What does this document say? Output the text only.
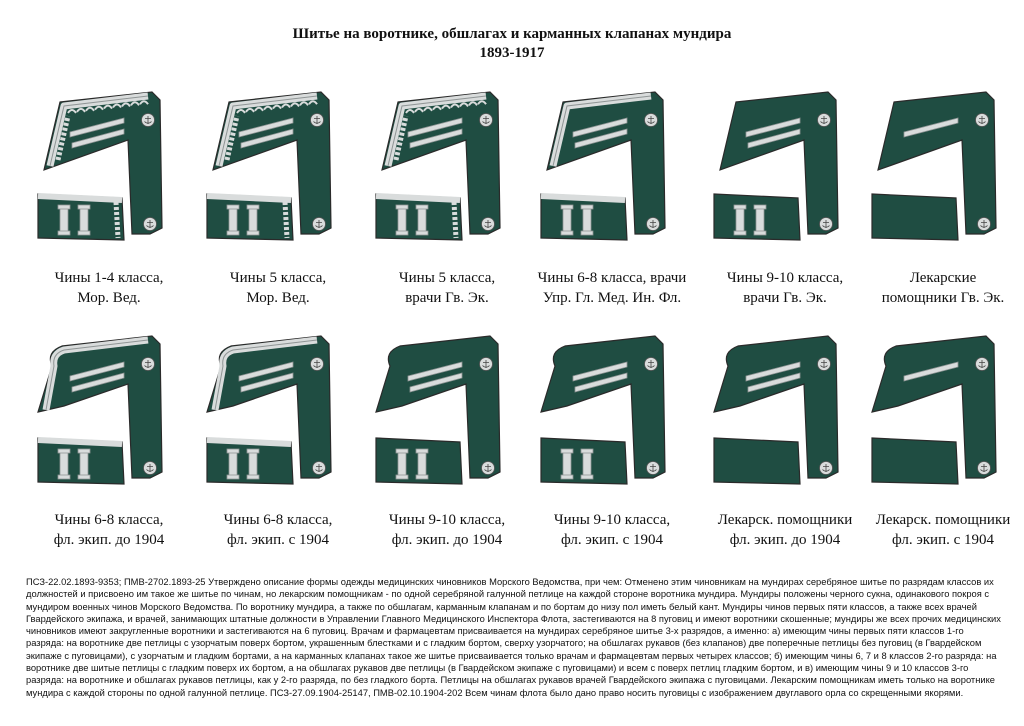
Шитье на воротнике, обшлагах и карманных клапанах мундира
1893-1917
Чины 1-4 класса,
Мор. Вед.
Чины 5 класса,
Мор. Вед.
Чины 5 класса,
врачи Гв. Эк.
Чины 6-8 класса, врачи
Упр. Гл. Мед. Ин. Фл.
Чины 9-10 класса,
врачи Гв. Эк.
Лекарские
помощники Гв. Эк.
Чины 6-8 класса,
фл. экип. до 1904
Чины 6-8 класса,
фл. экип. с 1904
Чины 9-10 класса,
фл. экип. до 1904
Чины 9-10 класса,
фл. экип. с 1904
Лекарск. помощники
фл. экип. до 1904
Лекарск. помощники
фл. экип. с 1904
ПСЗ-22.02.1893-9353; ПМВ-2702.1893-25 Утверждено описание формы одежды медицинских чиновников Морского Ведомства, при чем: Отменено этим чиновникам на мундирах серебряное шитье по разрядам классов их должностей и присвоено им такое же шитье по чинам, но лекарским помощникам - по одной серебряной галунной петлице на каждой стороне воротника мундира. Мундиры положены черного сукна, одинакового покроя с мундиром военных чинов Морского Ведомства. По воротнику мундира, а также по обшлагам, карманным клапанам и по бортам до низу пол иметь белый кант. Мундиры чинов первых пяти классов, а также всех врачей Гвардейского экипажа, и врачей, занимающих штатные должности в Управлении Главного Медицинского Инспектора Флота, застегиваются на 8 пуговиц и имеют воротники скошенные; мундиры же всех прочих медицинских чиновников имеют закругленные воротники и застегиваются на 6 пуговиц. Врачам и фармацевтам присваивается на мундирах серебряное шитье 3-х разрядов, а именно: а) имеющим чины первых пяти классов 1-го разряда: на воротнике две петлицы с узорчатым поверх бортом, украшенным блестками и с гладким бортом, сверху узорчатого; на обшлагах рукавов (без клапанов) две поперечные петлицы без пуговиц (в Гвардейском экипаже с пуговицами), с узорчатым и гладким бортами, а на карманных клапанах такое же шитье присваивается только врачам и фармацевтам первых четырех классов; б) имеющим чины 6, 7 и 8 классов 2-го разряда: на воротнике две шитые петлицы с гладким поверх их бортом, а на обшлагах рукавов две петлицы (в Гвардейском экипаже с пуговицами) и всем с поверх петлиц гладким бортом, и в) имеющим чины 9 и 10 классов 3-го разряда: на воротнике и обшлагах рукавов петлицы, как у 2-го разряда, по без гладкого борта. Петлицы на обшлагах рукавов врачей Гвардейского экипажа с пуговицами. Лекарским помощникам иметь только на воротнике мундира с каждой стороны по одной галунной петлице. ПСЗ-27.09.1904-25147, ПМВ-02.10.1904-202 Всем чинам флота было дано право носить пуговицы с изображением двуглавого орла со скрещенными якорями.
